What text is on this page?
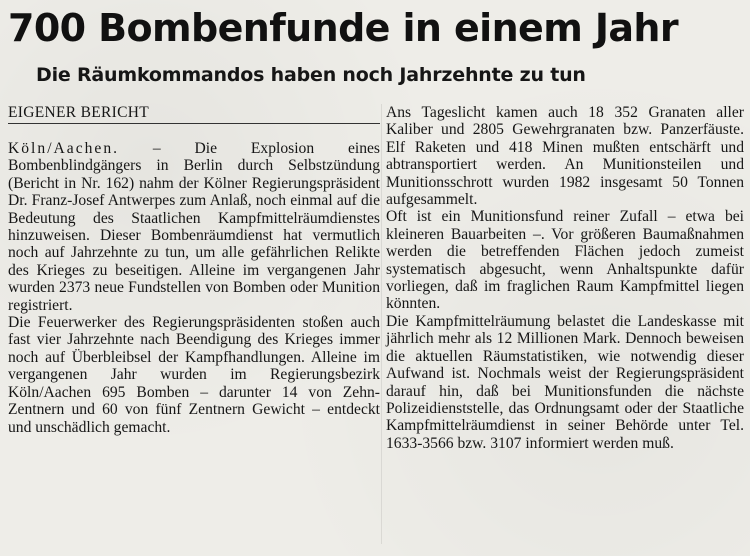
700 Bombenfunde in einem Jahr
Die Räumkommandos haben noch Jahrzehnte zu tun
EIGENER BERICHT

Köln/Aachen. – Die Explosion eines Bombenblindgängers in Berlin durch Selbstzündung (Bericht in Nr. 162) nahm der Kölner Regierungspräsident Dr. Franz-Josef Antwerpes zum Anlaß, noch einmal auf die Bedeutung des Staatlichen Kampfmittelräumdienstes hinzuweisen. Dieser Bombenräumdienst hat vermutlich noch auf Jahrzehnte zu tun, um alle gefährlichen Relikte des Krieges zu beseitigen. Alleine im vergangenen Jahr wurden 2373 neue Fundstellen von Bomben oder Munition registriert.

Die Feuerwerker des Regierungspräsidenten stoßen auch fast vier Jahrzehnte nach Beendigung des Krieges immer noch auf Überbleibsel der Kampfhandlungen. Alleine im vergangenen Jahr wurden im Regierungsbezirk Köln/Aachen 695 Bomben – darunter 14 von Zehn-Zentnern und 60 von fünf Zentnern Gewicht – entdeckt und unschädlich gemacht.

Ans Tageslicht kamen auch 18 352 Granaten aller Kaliber und 2805 Gewehrgranaten bzw. Panzerfäuste. Elf Raketen und 418 Minen mußten entschärft und abtransportiert werden. An Munitionsteilen und Munitionsschrott wurden 1982 insgesamt 50 Tonnen aufgesammelt.

Oft ist ein Munitionsfund reiner Zufall – etwa bei kleineren Bauarbeiten –. Vor größeren Baumaßnahmen werden die betreffenden Flächen jedoch zumeist systematisch abgesucht, wenn Anhaltspunkte dafür vorliegen, daß im fraglichen Raum Kampfmittel liegen könnten.

Die Kampfmittelräumung belastet die Landeskasse mit jährlich mehr als 12 Millionen Mark. Dennoch beweisen die aktuellen Räumstatistiken, wie notwendig dieser Aufwand ist. Nochmals weist der Regierungspräsident darauf hin, daß bei Munitionsfunden die nächste Polizeidienststelle, das Ordnungsamt oder der Staatliche Kampfmittelräumdienst in seiner Behörde unter Tel. 1633-3566 bzw. 3107 informiert werden muß.
